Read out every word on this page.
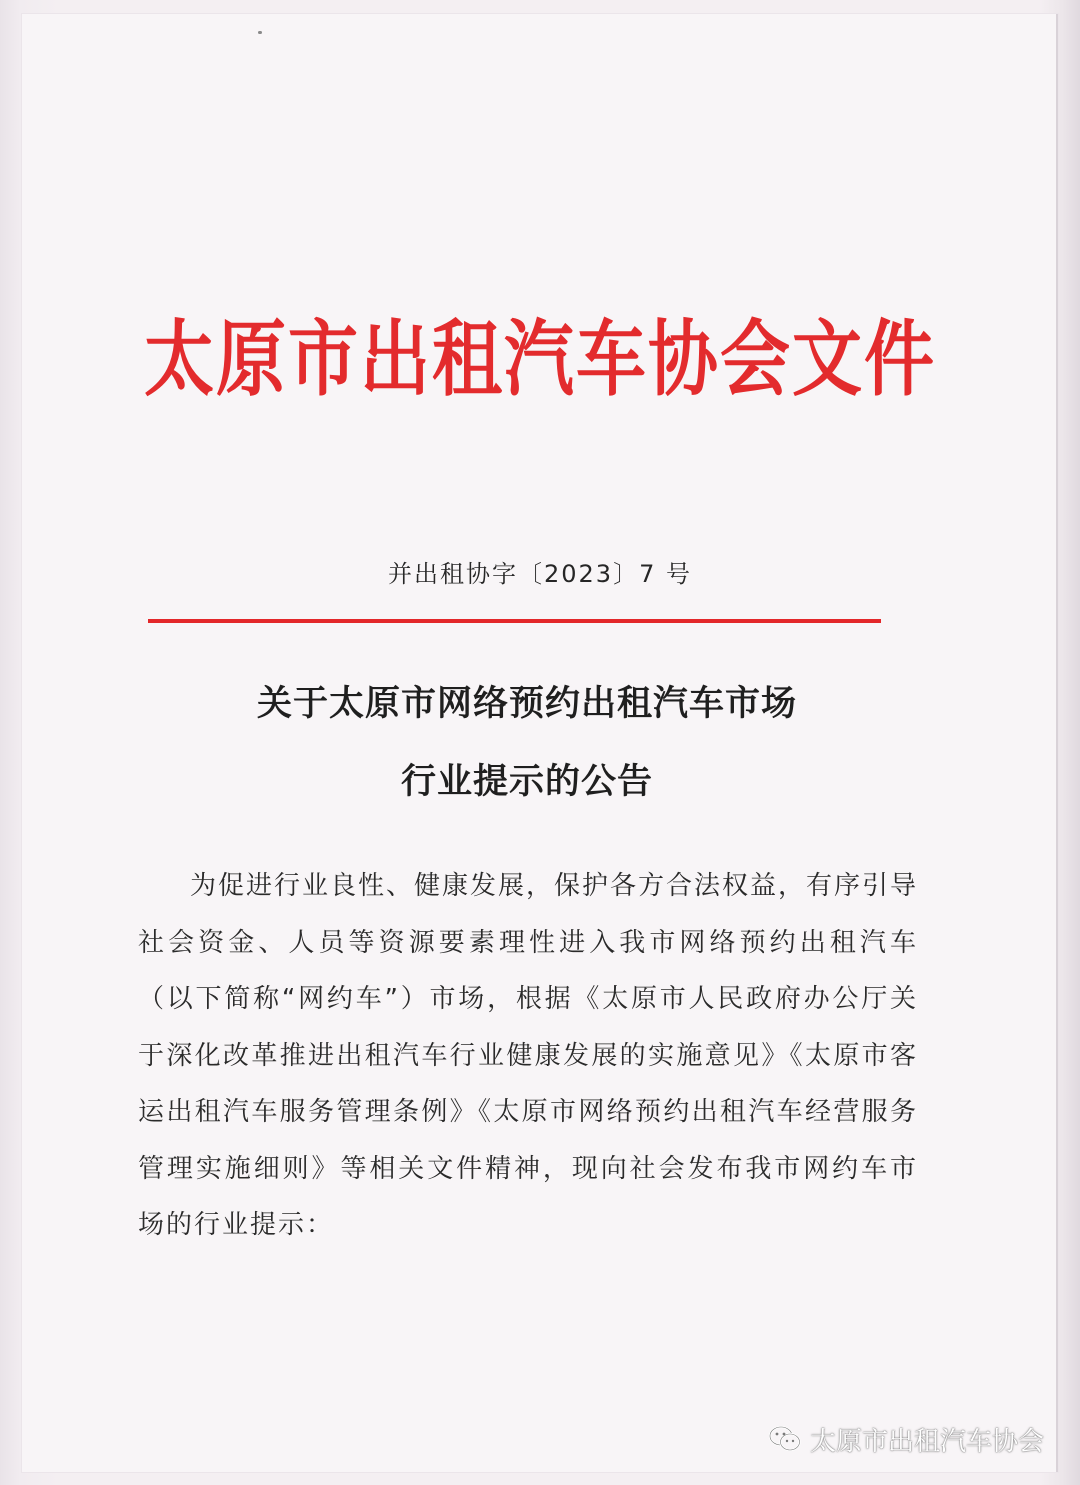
太原市出租汽车协会文件
并出租协字〔2023〕7 号
关于太原市网络预约出租汽车市场
行业提示的公告
为促进行业良性、健康发展，保护各方合法权益，有序引导社会资金、人员等资源要素理性进入我市网络预约出租汽车（以下简称“网约车”）市场，根据《太原市人民政府办公厅关于深化改革推进出租汽车行业健康发展的实施意见》《太原市客运出租汽车服务管理条例》《太原市网络预约出租汽车经营服务管理实施细则》等相关文件精神，现向社会发布我市网约车市场的行业提示：
太原市出租汽车协会
